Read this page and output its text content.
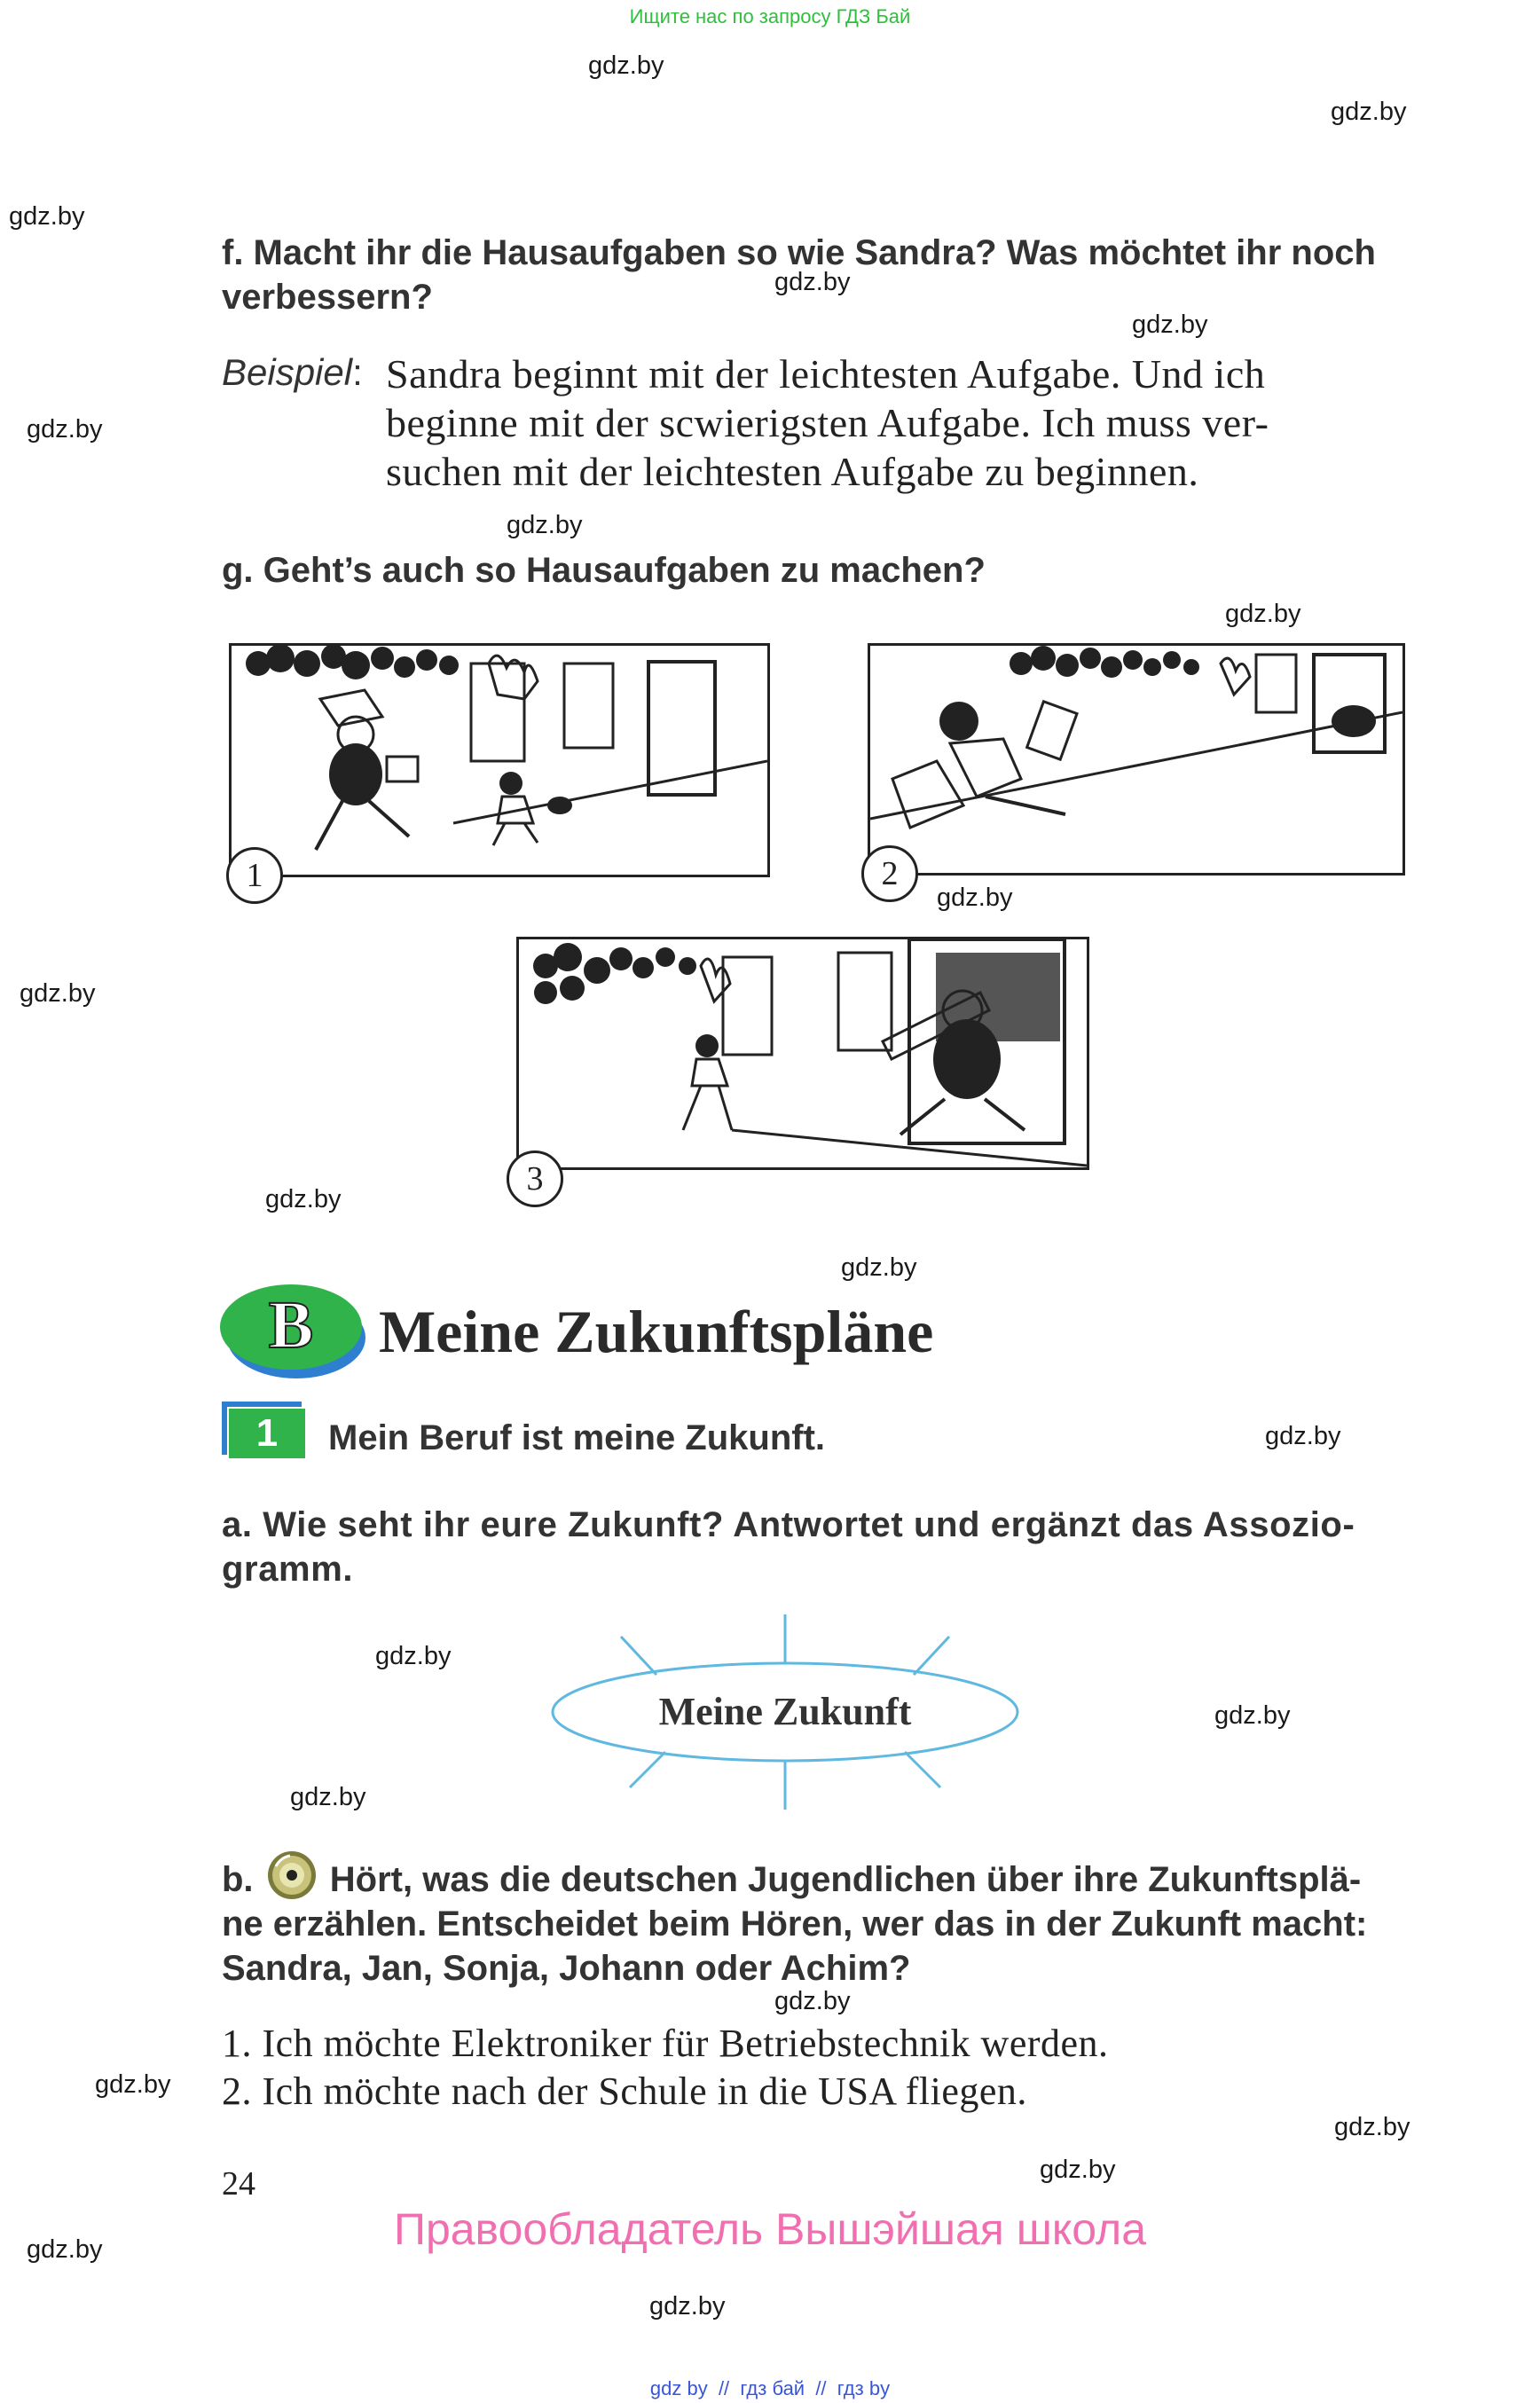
Ищите нас по запросу ГДЗ Бай
gdz.by
gdz.by
gdz.by
gdz.by
gdz.by
gdz.by
gdz.by
gdz.by
gdz.by
gdz.by
gdz.by
gdz.by
gdz.by
gdz.by
gdz.by
gdz.by
gdz.by
gdz.by
gdz.by
gdz.by
gdz.by
gdz.by
f. Macht ihr die Hausaufgaben so wie Sandra? Was möchtet ihr noch
verbessern?
Beispiel: Sandra beginnt mit der leichtesten Aufgabe. Und ich
beginne mit der scwierigsten Aufgabe. Ich muss ver-
suchen mit der leichtesten Aufgabe zu beginnen.
g. Geht’s auch so Hausaufgaben zu machen?
1	2
3
B	Meine Zukunftspläne
1	Mein Beruf ist meine Zukunft.
a. Wie seht ihr eure Zukunft? Antwortet und ergänzt das Assozio-
gramm.
Meine Zukunft
b. Hört, was die deutschen Jugendlichen über ihre Zukunftsplä-
ne erzählen. Entscheidet beim Hören, wer das in der Zukunft macht:
Sandra, Jan, Sonja, Johann oder Achim?
1. Ich möchte Elektroniker für Betriebstechnik werden.
2. Ich möchte nach der Schule in die USA fliegen.
24
Правообладатель Вышэйшая школа
gdz by  //  гдз бай  //  гдз by
